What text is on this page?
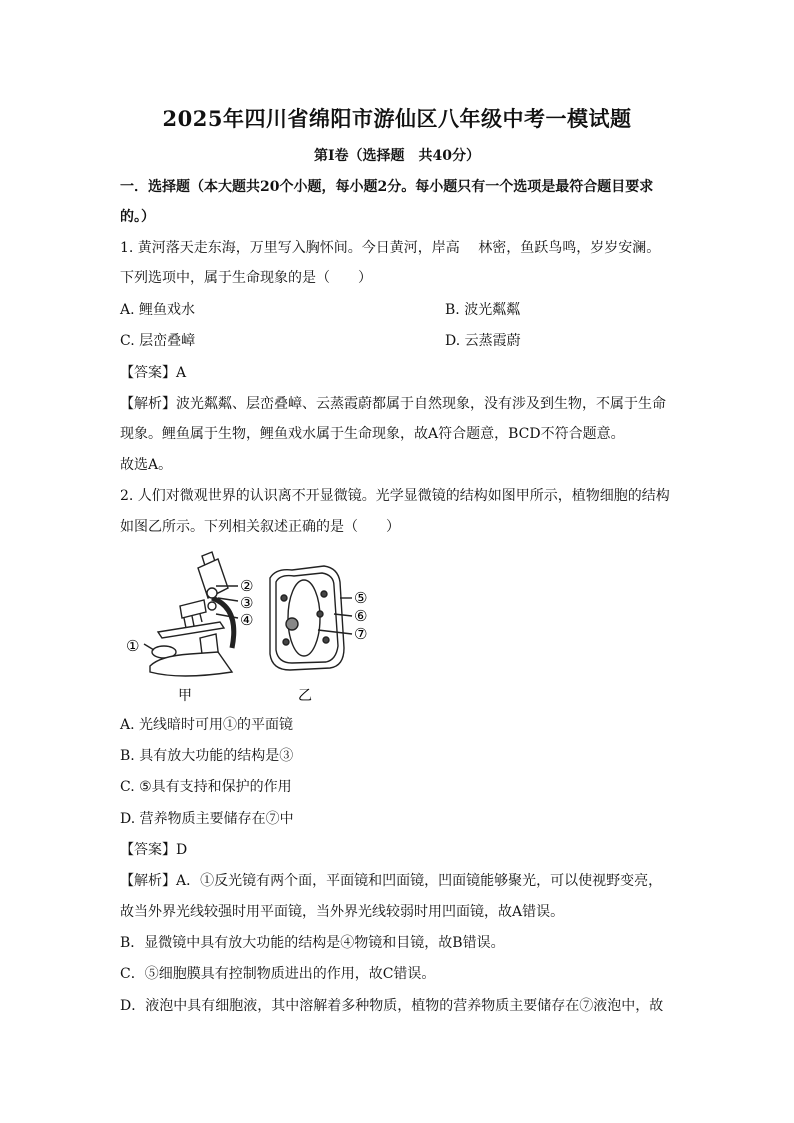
2025年四川省绵阳市游仙区八年级中考一模试题
第Ⅰ卷（选择题　共40分）
一．选择题（本大题共20个小题，每小题2分。每小题只有一个选项是最符合题目要求
的。）
1. 黄河落天走东海，万里写入胸怀间。今日黄河，岸高　 林密，鱼跃鸟鸣，岁岁安澜。
下列选项中，属于生命现象的是（　　）
A. 鲤鱼戏水	B. 波光粼粼
C. 层峦叠嶂	D. 云蒸霞蔚
【答案】A
【解析】波光粼粼、层峦叠嶂、云蒸霞蔚都属于自然现象，没有涉及到生物，不属于生命
现象。鲤鱼属于生物，鲤鱼戏水属于生命现象，故A符合题意，BCD不符合题意。
故选A。
2. 人们对微观世界的认识离不开显微镜。光学显微镜的结构如图甲所示，植物细胞的结构
如图乙所示。下列相关叙述正确的是（　　）
②
③
④
①
⑤
⑥
⑦
甲	乙
A. 光线暗时可用①的平面镜
B. 具有放大功能的结构是③
C. ⑤具有支持和保护的作用
D. 营养物质主要储存在⑦中
【答案】D
【解析】A．①反光镜有两个面，平面镜和凹面镜，凹面镜能够聚光，可以使视野变亮，
故当外界光线较强时用平面镜，当外界光线较弱时用凹面镜，故A错误。
B．显微镜中具有放大功能的结构是④物镜和目镜，故B错误。
C．⑤细胞膜具有控制物质进出的作用，故C错误。
D．液泡中具有细胞液，其中溶解着多种物质，植物的营养物质主要储存在⑦液泡中，故
